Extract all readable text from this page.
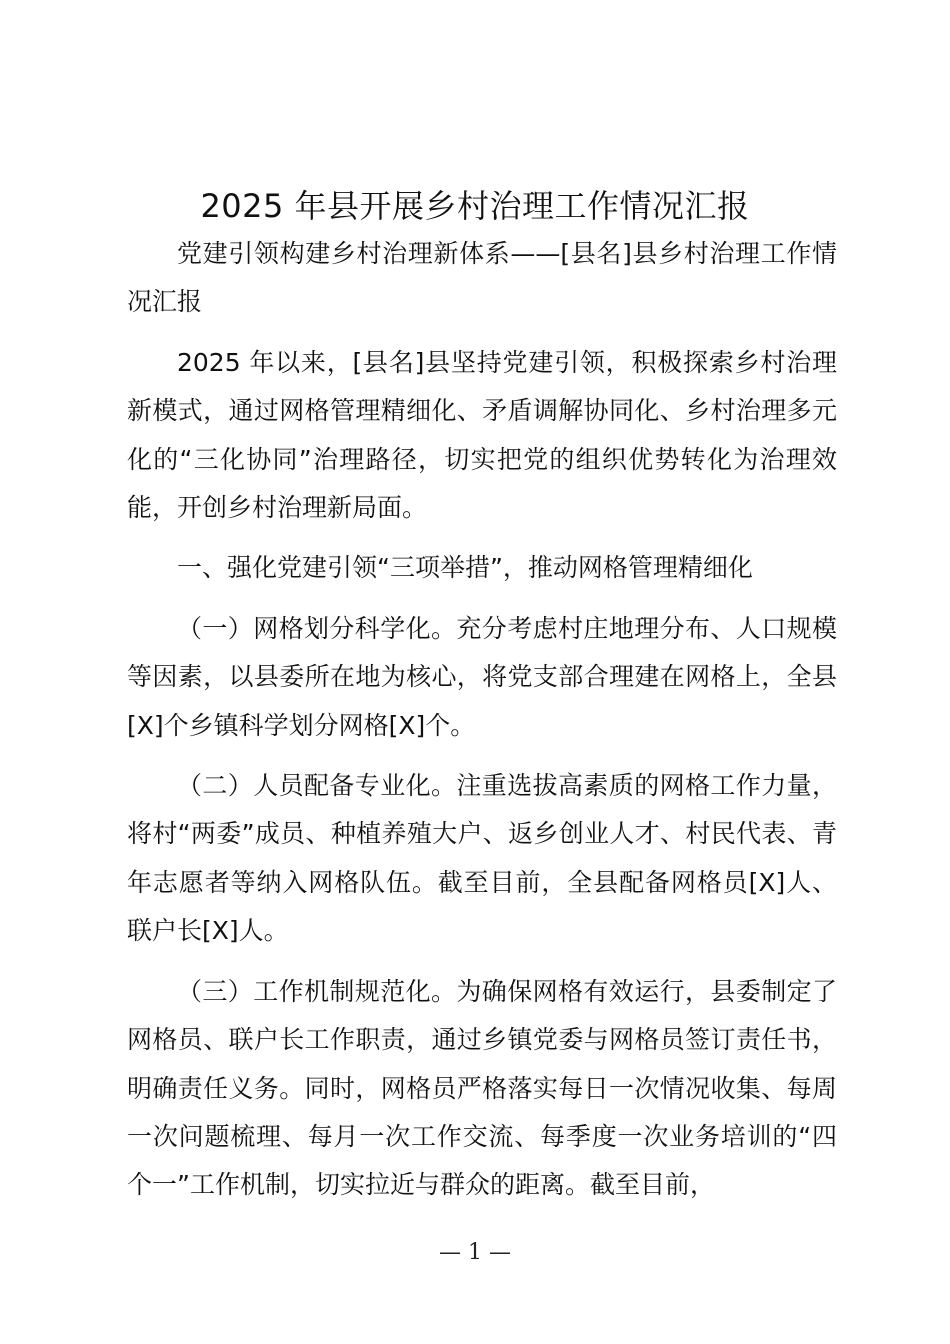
2025 年县开展乡村治理工作情况汇报

党建引领构建乡村治理新体系——[县名]县乡村治理工作情况汇报

2025 年以来，[县名]县坚持党建引领，积极探索乡村治理新模式，通过网格管理精细化、矛盾调解协同化、乡村治理多元化的“三化协同”治理路径，切实把党的组织优势转化为治理效能，开创乡村治理新局面。

一、强化党建引领“三项举措”，推动网格管理精细化

（一）网格划分科学化。充分考虑村庄地理分布、人口规模等因素，以县委所在地为核心，将党支部合理建在网格上，全县[X]个乡镇科学划分网格[X]个。

（二）人员配备专业化。注重选拔高素质的网格工作力量，将村“两委”成员、种植养殖大户、返乡创业人才、村民代表、青年志愿者等纳入网格队伍。截至目前，全县配备网格员[X]人、联户长[X]人。

（三）工作机制规范化。为确保网格有效运行，县委制定了网格员、联户长工作职责，通过乡镇党委与网格员签订责任书，明确责任义务。同时，网格员严格落实每日一次情况收集、每周一次问题梳理、每月一次工作交流、每季度一次业务培训的“四个一”工作机制，切实拉近与群众的距离。截至目前，

— 1 —
